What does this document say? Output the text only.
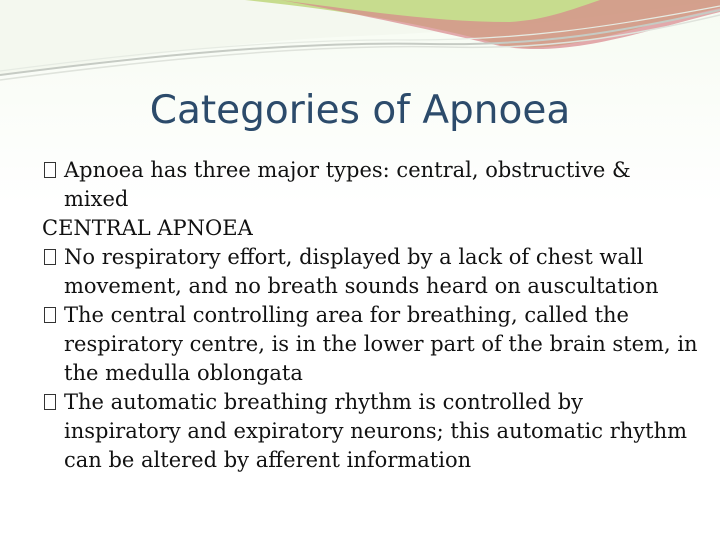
Categories of Apnoea
Apnoea has three major types: central, obstructive &
mixed
CENTRAL APNOEA
No respiratory effort, displayed by a lack of chest wall
movement, and no breath sounds heard on auscultation
The central controlling area for breathing, called the
respiratory centre, is in the lower part of the brain stem, in
the medulla oblongata
The automatic breathing rhythm is controlled by
inspiratory and expiratory neurons; this automatic rhythm
can be altered by afferent information
